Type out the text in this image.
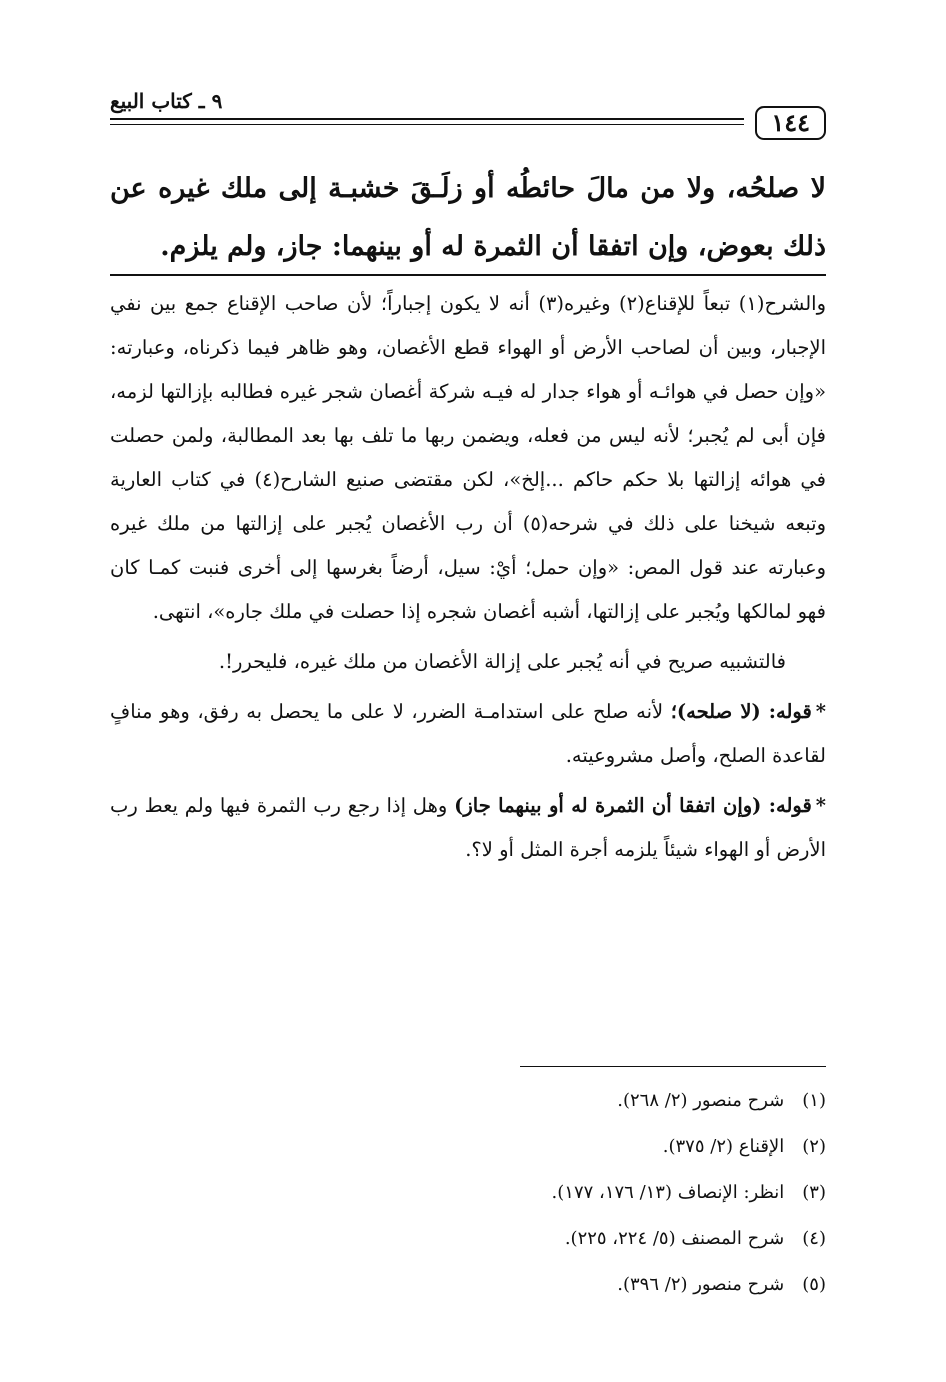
١٤٤
٩ ـ كتاب البيع

لا صلحُه، ولا من مالَ حائطُه أو زلَـقَ خشبـة إلى ملك غيره عن ذلك بعوض، وإن اتفقا أن الثمرة له أو بينهما: جاز، ولم يلزم.

والشرح(١) تبعاً للإقناع(٢) وغيره(٣) أنه لا يكون إجباراً؛ لأن صاحب الإقناع جمع بين نفي الإجبار، وبين أن لصاحب الأرض أو الهواء قطع الأغصان، وهو ظاهر فيما ذكرناه، وعبارته: «وإن حصل في هوائـه أو هواء جدار له فيـه شركة أغصان شجر غيره فطالبه بإزالتها لزمه، فإن أبى لم يُجبر؛ لأنه ليس من فعله، ويضمن ربها ما تلف بها بعد المطالبة، ولمن حصلت في هوائه إزالتها بلا حكم حاكم ...إلخ»، لكن مقتضى صنيع الشارح(٤) في كتاب العارية وتبعه شيخنا على ذلك في شرحه(٥) أن رب الأغصان يُجبر على إزالتها من ملك غيره وعبارته عند قول المص: «وإن حمل؛ أيْ: سيل، أرضاً بغرسها إلى أخرى فنبت كمـا كان فهو لمالكها ويُجبر على إزالتها، أشبه أغصان شجره إذا حصلت في ملك جاره»، انتهى.

فالتشبيه صريح في أنه يُجبر على إزالة الأغصان من ملك غيره، فليحرر!.

*قوله: (لا صلحه)؛ لأنه صلح على استدامـة الضرر، لا على ما يحصل به رفق، وهو منافٍ لقاعدة الصلح، وأصل مشروعيته.

*قوله: (وإن اتفقا أن الثمرة له أو بينهما جاز) وهل إذا رجع رب الثمرة فيها ولم يعط رب الأرض أو الهواء شيئاً يلزمه أجرة المثل أو لا؟.

(١) شرح منصور (٢/ ٢٦٨).
(٢) الإقناع (٢/ ٣٧٥).
(٣) انظر: الإنصاف (١٣/ ١٧٦، ١٧٧).
(٤) شرح المصنف (٥/ ٢٢٤، ٢٢٥).
(٥) شرح منصور (٢/ ٣٩٦).
